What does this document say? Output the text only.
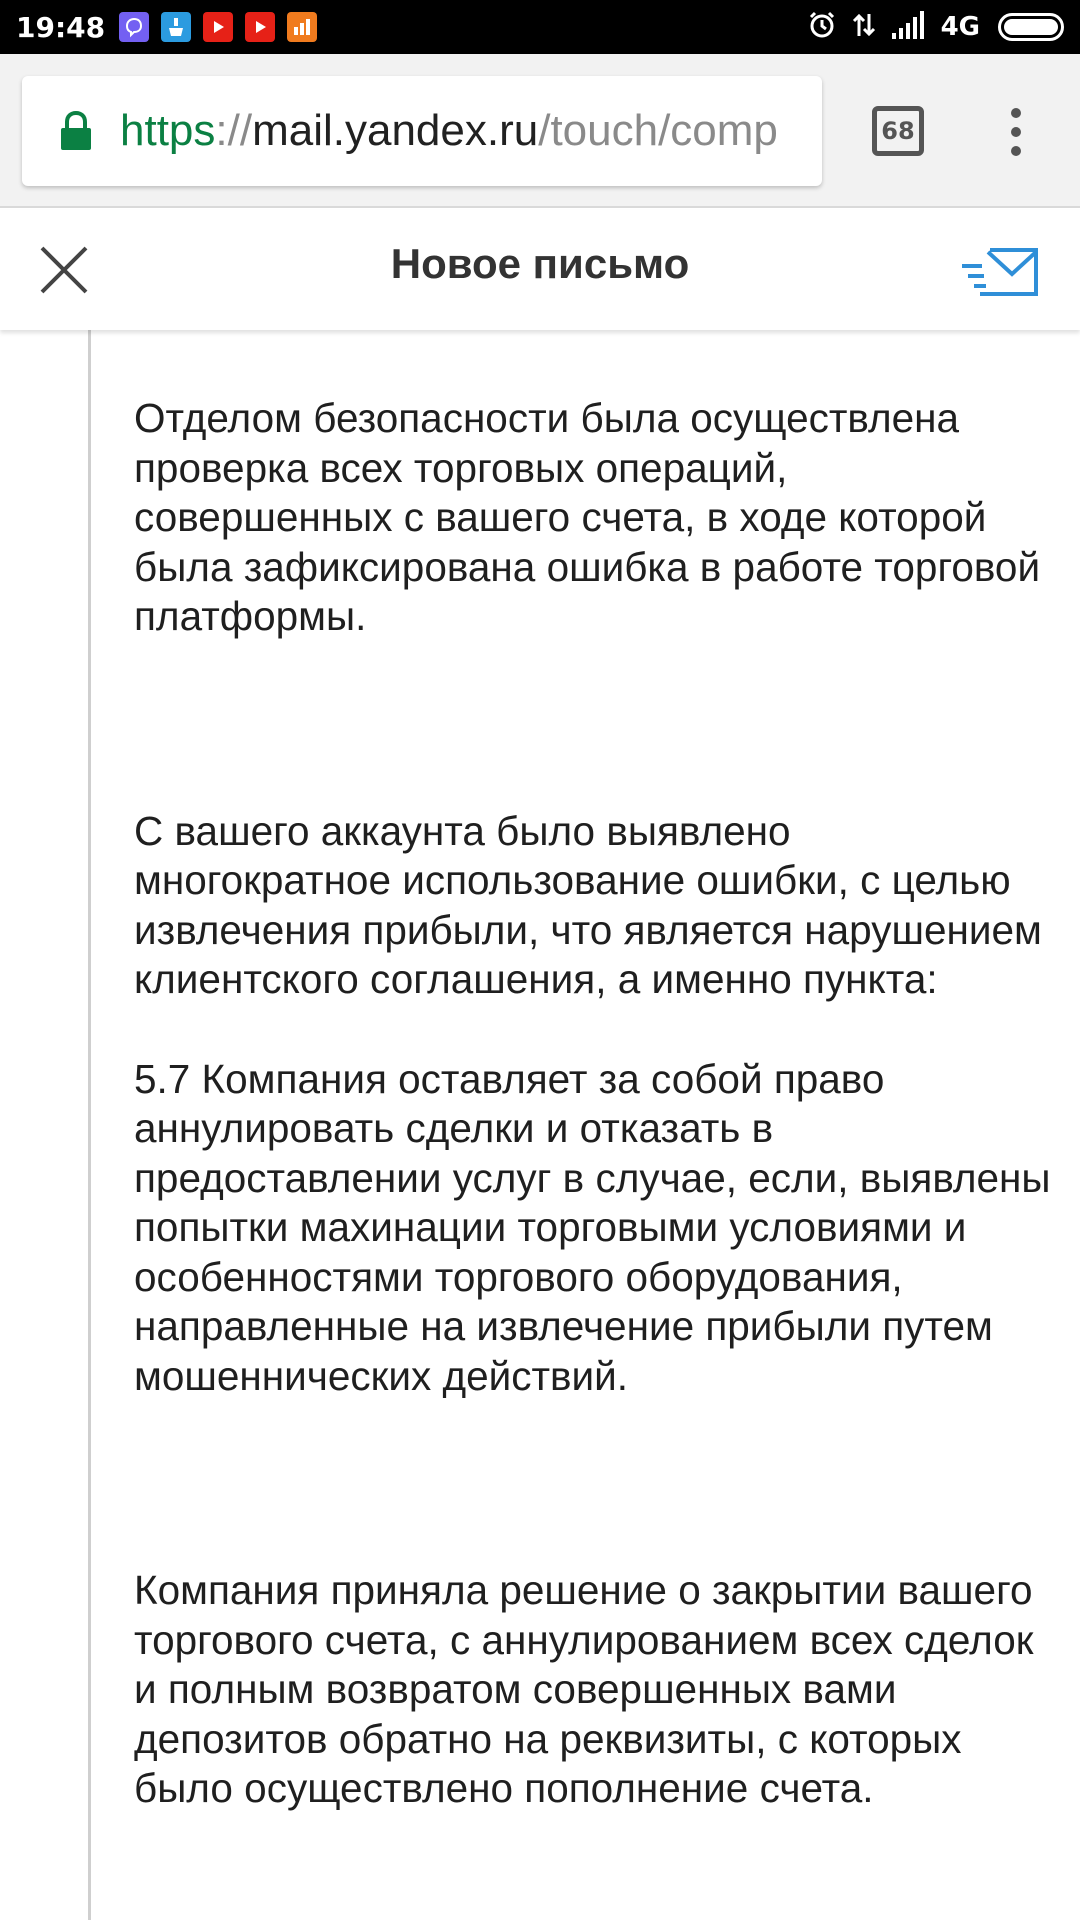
19:48	4G
https://mail.yandex.ru/touch/comp	68
Новое письмо

Отделом безопасности была осуществлена проверка всех торговых операций, совершенных с вашего счета, в ходе которой была зафиксирована ошибка в работе торговой платформы.

С вашего аккаунта было выявлено многократное использование ошибки, с целью извлечения прибыли, что является нарушением клиентского соглашения, а именно пункта:

5.7 Компания оставляет за собой право аннулировать сделки и отказать в предоставлении услуг в случае, если, выявлены попытки махинации торговыми условиями и особенностями торгового оборудования, направленные на извлечение прибыли путем мошеннических действий.

Компания приняла решение о закрытии вашего торгового счета, с аннулированием всех сделок и полным возвратом совершенных вами депозитов обратно на реквизиты, с которых было осуществлено пополнение счета.
